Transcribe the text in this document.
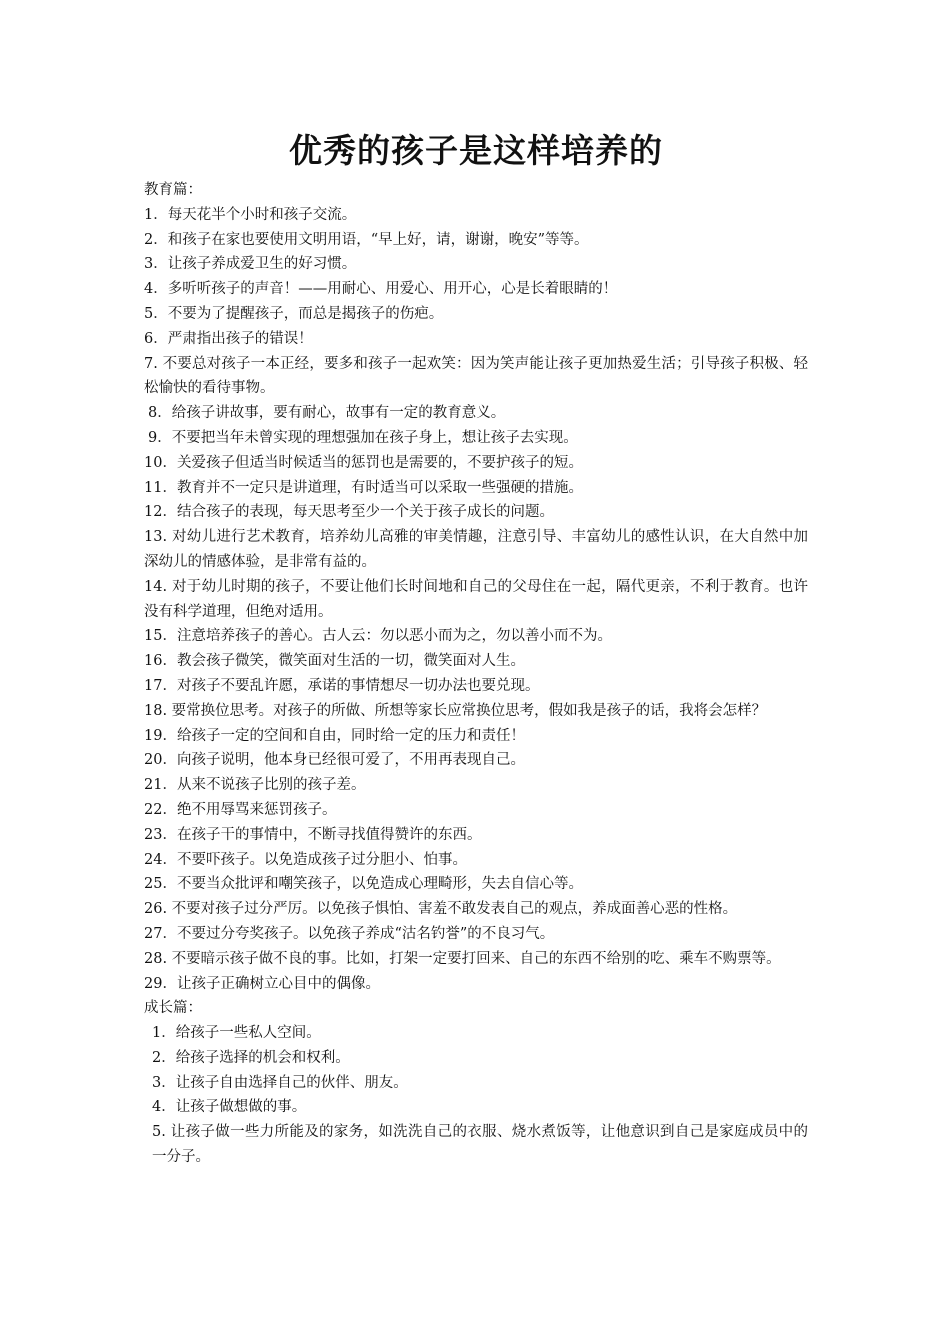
优秀的孩子是这样培养的
教育篇：
1．每天花半个小时和孩子交流。
2．和孩子在家也要使用文明用语，“早上好，请，谢谢，晚安”等等。
3．让孩子养成爱卫生的好习惯。
4．多听听孩子的声音！——用耐心、用爱心、用开心，心是长着眼睛的！
5．不要为了提醒孩子，而总是揭孩子的伤疤。
6．严肃指出孩子的错误！
7. 不要总对孩子一本正经，要多和孩子一起欢笑：因为笑声能让孩子更加热爱生活；引导孩子积极、轻松愉快的看待事物。
8．给孩子讲故事，要有耐心，故事有一定的教育意义。
9．不要把当年未曾实现的理想强加在孩子身上，想让孩子去实现。
10．关爱孩子但适当时候适当的惩罚也是需要的，不要护孩子的短。
11．教育并不一定只是讲道理，有时适当可以采取一些强硬的措施。
12．结合孩子的表现，每天思考至少一个关于孩子成长的问题。
13. 对幼儿进行艺术教育，培养幼儿高雅的审美情趣，注意引导、丰富幼儿的感性认识，在大自然中加深幼儿的情感体验，是非常有益的。
14. 对于幼儿时期的孩子，不要让他们长时间地和自己的父母住在一起，隔代更亲，不利于教育。也许没有科学道理，但绝对适用。
15．注意培养孩子的善心。古人云：勿以恶小而为之，勿以善小而不为。
16．教会孩子微笑，微笑面对生活的一切，微笑面对人生。
17．对孩子不要乱许愿，承诺的事情想尽一切办法也要兑现。
18. 要常换位思考。对孩子的所做、所想等家长应常换位思考，假如我是孩子的话，我将会怎样？
19．给孩子一定的空间和自由，同时给一定的压力和责任！
20．向孩子说明，他本身已经很可爱了，不用再表现自己。
21．从来不说孩子比别的孩子差。
22．绝不用辱骂来惩罚孩子。
23．在孩子干的事情中，不断寻找值得赞许的东西。
24．不要吓孩子。以免造成孩子过分胆小、怕事。
25．不要当众批评和嘲笑孩子，以免造成心理畸形，失去自信心等。
26. 不要对孩子过分严厉。以免孩子惧怕、害羞不敢发表自己的观点，养成面善心恶的性格。
27．不要过分夸奖孩子。以免孩子养成“沽名钓誉”的不良习气。
28. 不要暗示孩子做不良的事。比如，打架一定要打回来、自己的东西不给别的吃、乘车不购票等。
29．让孩子正确树立心目中的偶像。
成长篇：
1．给孩子一些私人空间。
2．给孩子选择的机会和权利。
3．让孩子自由选择自己的伙伴、朋友。
4．让孩子做想做的事。
5. 让孩子做一些力所能及的家务，如洗洗自己的衣服、烧水煮饭等，让他意识到自己是家庭成员中的一分子。
